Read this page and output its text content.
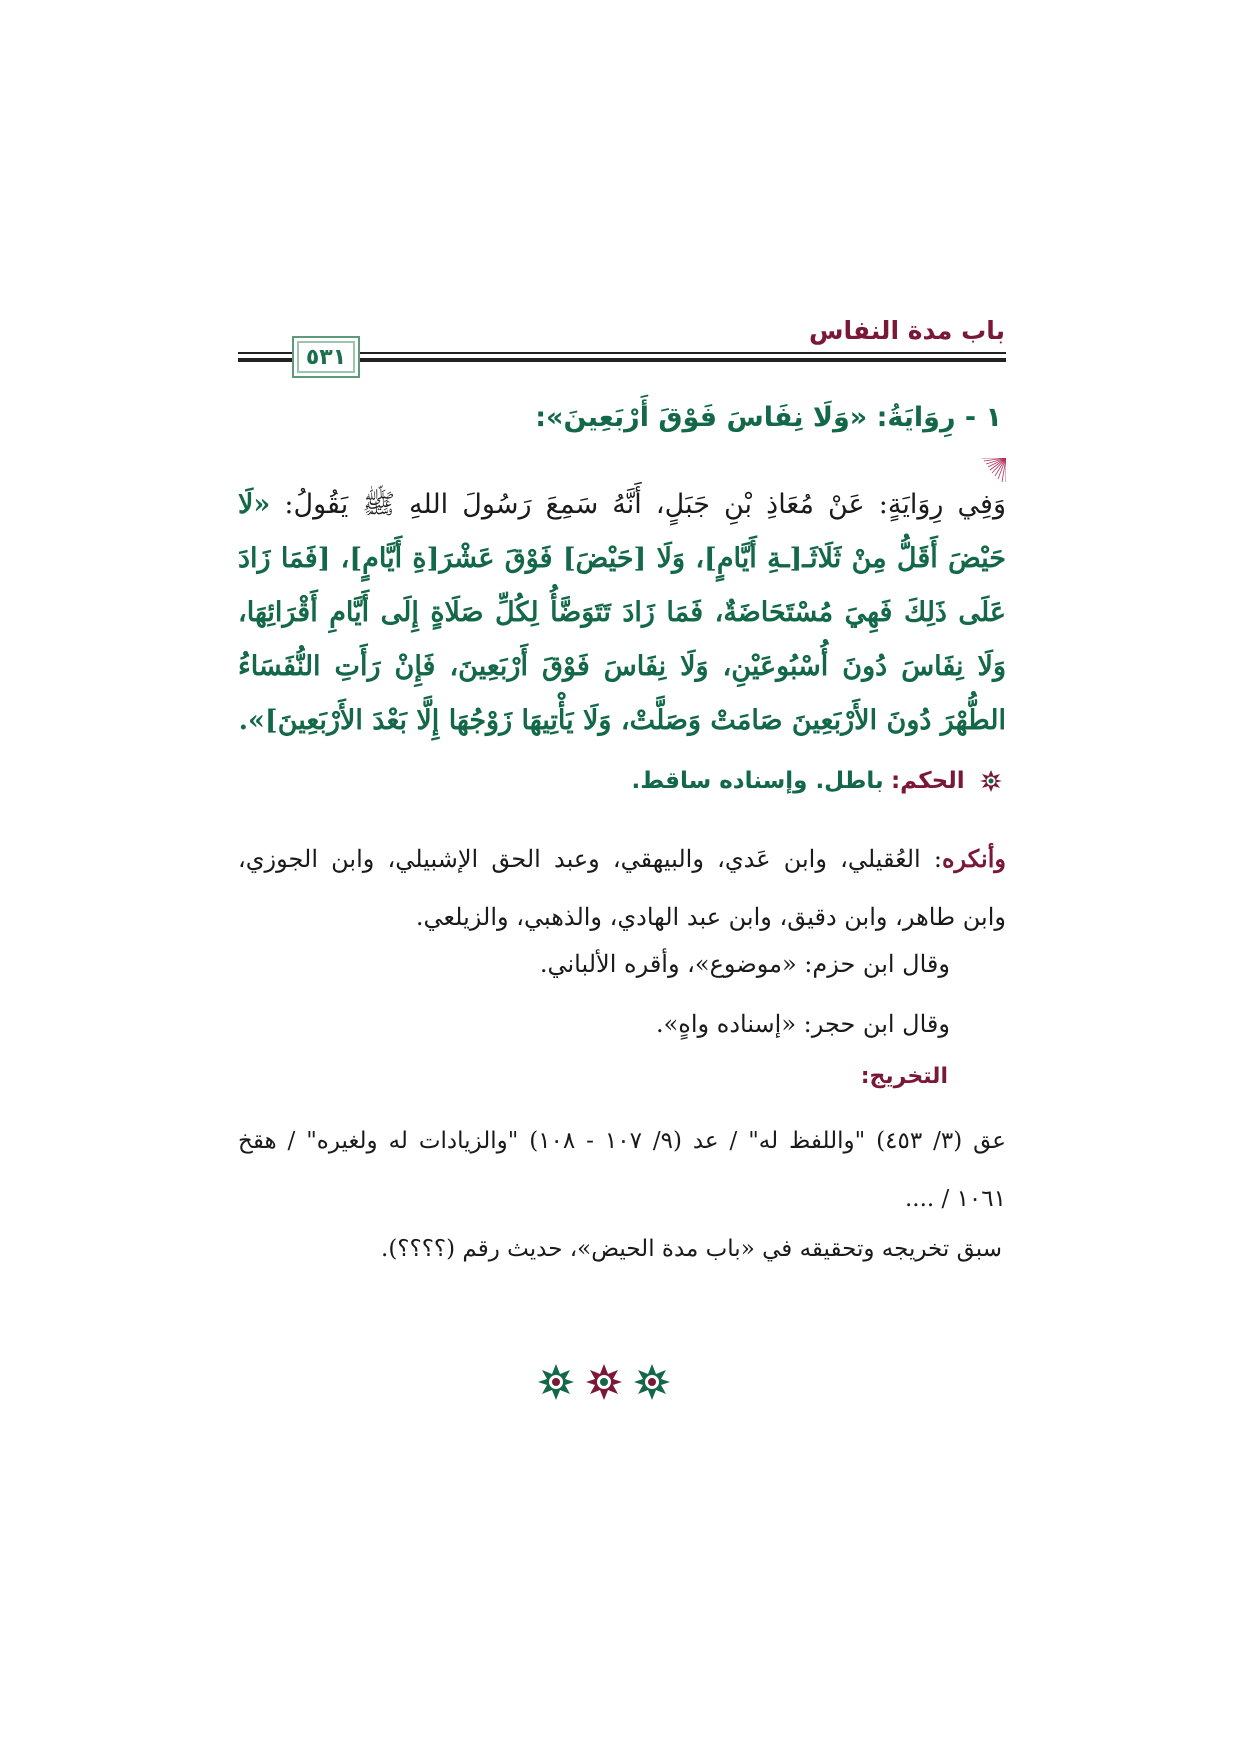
باب مدة النفاس
٥٣١
١ - رِوَايَةُ: «وَلَا نِفَاسَ فَوْقَ أَرْبَعِينَ»:
وَفِي رِوَايَةٍ: عَنْ مُعَاذِ بْنِ جَبَلٍ، أَنَّهُ سَمِعَ رَسُولَ اللهِ ﷺ يَقُولُ: «لَا حَيْضَ أَقَلُّ مِنْ ثَلَاثَـ[ـةِ أَيَّامٍ]، وَلَا [حَيْضَ] فَوْقَ عَشْرَ[ةِ أَيَّامٍ]، [فَمَا زَادَ عَلَى ذَلِكَ فَهِيَ مُسْتَحَاضَةٌ، فَمَا زَادَ تَتَوَضَّأُ لِكُلِّ صَلَاةٍ إِلَى أَيَّامِ أَقْرَائِهَا، وَلَا نِفَاسَ دُونَ أُسْبُوعَيْنِ، وَلَا نِفَاسَ فَوْقَ أَرْبَعِينَ، فَإِنْ رَأَتِ النُّفَسَاءُ الطُّهْرَ دُونَ الأَرْبَعِينَ صَامَتْ وَصَلَّتْ، وَلَا يَأْتِيهَا زَوْجُهَا إِلَّا بَعْدَ الأَرْبَعِينَ]».
الحكم: باطل. وإسناده ساقط.
وأنكره: العُقيلي، وابن عَدي، والبيهقي، وعبد الحق الإشبيلي، وابن الجوزي، وابن طاهر، وابن دقيق، وابن عبد الهادي، والذهبي، والزيلعي.
وقال ابن حزم: «موضوع»، وأقره الألباني.
وقال ابن حجر: «إسناده واهٍ».
التخريج:
عق (٣/ ٤٥٣) "واللفظ له" / عد (٩/ ١٠٧ - ١٠٨) "والزيادات له ولغيره" / هقخ ١٠٦١ / ....
سبق تخريجه وتحقيقه في «باب مدة الحيض»، حديث رقم (؟؟؟؟).
